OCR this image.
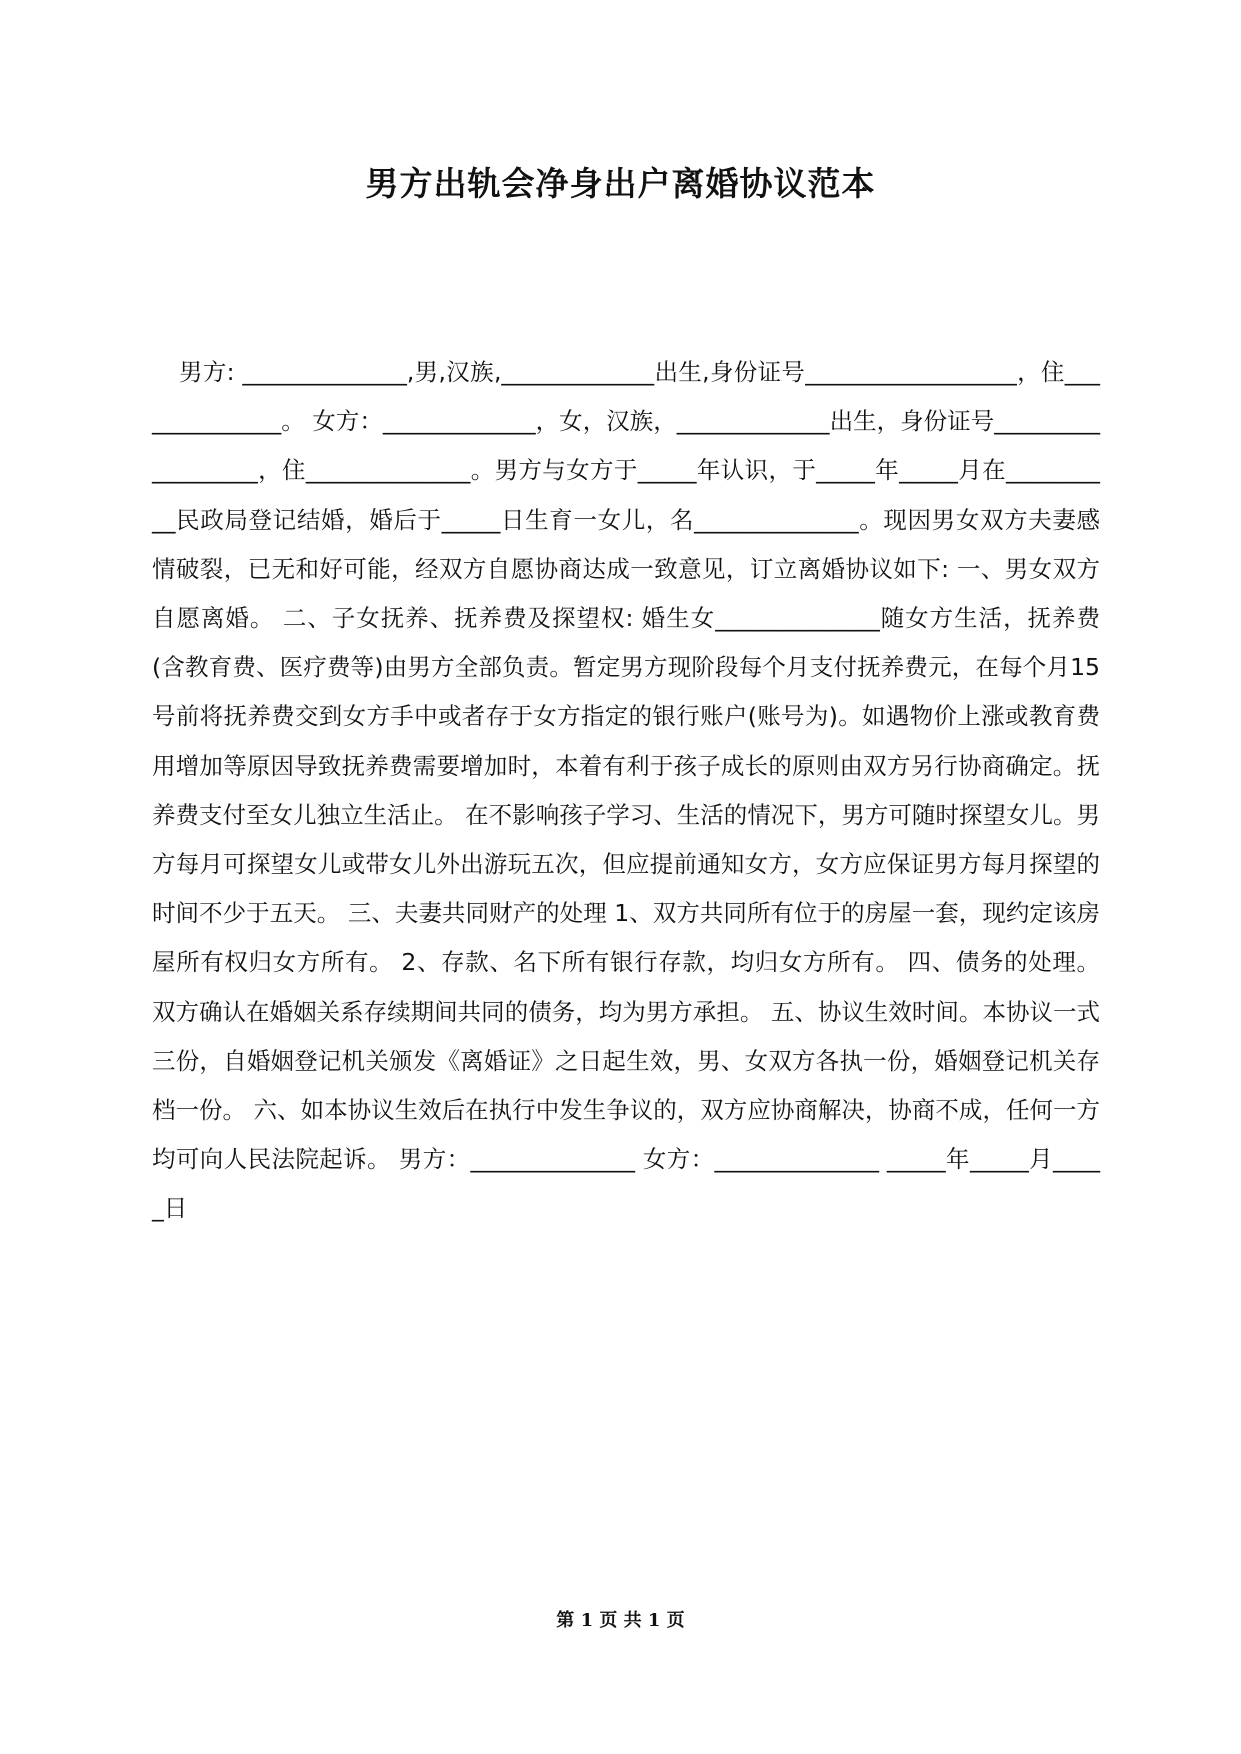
男方出轨会净身出户离婚协议范本

男方: ______________,男,汉族,_____________出生,身份证号__________________，住______________。 女方：_____________，女，汉族，_____________出生，身份证号__________________，住______________。男方与女方于_____年认识，于_____年_____月在__________民政局登记结婚，婚后于_____日生育一女儿，名______________。现因男女双方夫妻感情破裂，已无和好可能，经双方自愿协商达成一致意见，订立离婚协议如下: 一、男女双方自愿离婚。 二、子女抚养、抚养费及探望权: 婚生女______________随女方生活，抚养费(含教育费、医疗费等)由男方全部负责。暂定男方现阶段每个月支付抚养费元，在每个月15号前将抚养费交到女方手中或者存于女方指定的银行账户(账号为)。如遇物价上涨或教育费用增加等原因导致抚养费需要增加时，本着有利于孩子成长的原则由双方另行协商确定。抚养费支付至女儿独立生活止。 在不影响孩子学习、生活的情况下，男方可随时探望女儿。男方每月可探望女儿或带女儿外出游玩五次，但应提前通知女方，女方应保证男方每月探望的时间不少于五天。 三、夫妻共同财产的处理 1、双方共同所有位于的房屋一套，现约定该房屋所有权归女方所有。 2、存款、名下所有银行存款，均归女方所有。 四、债务的处理。 双方确认在婚姻关系存续期间共同的债务，均为男方承担。 五、协议生效时间。本协议一式三份，自婚姻登记机关颁发《离婚证》之日起生效，男、女双方各执一份，婚姻登记机关存档一份。 六、如本协议生效后在执行中发生争议的，双方应协商解决，协商不成，任何一方均可向人民法院起诉。 男方：______________ 女方：______________ _____年_____月_____日

第 1 页 共 1 页
